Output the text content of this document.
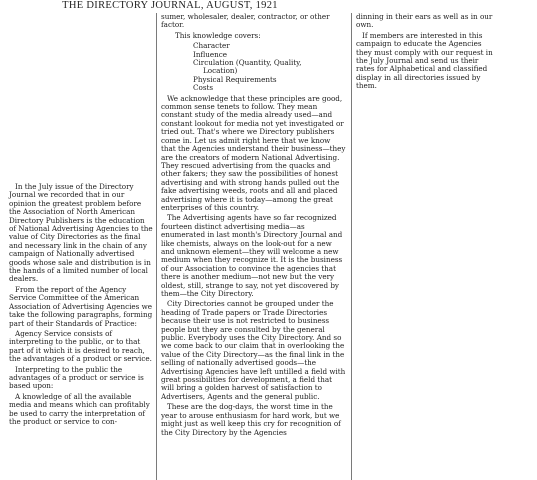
THE DIRECTORY JOURNAL, AUGUST, 1921

In the July issue of the Directory Journal we recorded that in our opinion the greatest problem before the Association of North American Directory Publishers is the education of National Advertising Agencies to the value of City Directories as the final and necessary link in the chain of any campaign of Nationally advertised goods whose sale and distribution is in the hands of a limited number of local dealers.

From the report of the Agency Service Committee of the American Association of Advertising Agencies we take the following paragraphs, forming part of their Standards of Practice:

Agency Service consists of interpreting to the public, or to that part of it which it is desired to reach, the advantages of a product or service.

Interpreting to the public the advantages of a product or service is based upon:

A knowledge of all the available media and means which can profitably be used to carry the interpretation of the product or service to con-

sumer, wholesaler, dealer, contractor, or other factor.

This knowledge covers:

Character
Influence
Circulation (Quantity, Quality,
Location)
Physical Requirements
Costs

We acknowledge that these principles are good, common sense tenets to follow. They mean constant study of the media already used—and constant lookout for media not yet investigated or tried out. That's where we Directory publishers come in. Let us admit right here that we know that the Agencies understand their business—they are the creators of modern National Advertising. They rescued advertising from the quacks and other fakers; they saw the possibilities of honest advertising and with strong hands pulled out the fake advertising weeds, roots and all and placed advertising where it is today—among the great enterprises of this country.

The Advertising agents have so far recognized fourteen distinct advertising media—as enumerated in last month's Directory Journal and like chemists, always on the look-out for a new and unknown element—they will welcome a new medium when they recognize it. It is the business of our Association to convince the agencies that there is another medium—not new but the very oldest, still, strange to say, not yet discovered by them—the City Directory.

City Directories cannot be grouped under the heading of Trade papers or Trade Directories because their use is not restricted to business people but they are consulted by the general public. Everybody uses the City Directory. And so we come back to our claim that in overlooking the value of the City Directory—as the final link in the selling of nationally advertised goods—the Advertising Agencies have left untilled a field with great possibilities for development, a field that will bring a golden harvest of satisfaction to Advertisers, Agents and the general public.

These are the dog-days, the worst time in the year to arouse enthusiasm for hard work, but we might just as well keep this cry for recognition of the City Directory by the Agencies

dinning in their ears as well as in our own.

If members are interested in this campaign to educate the Agencies they must comply with our request in the July Journal and send us their rates for Alphabetical and classified display in all directories issued by them.
